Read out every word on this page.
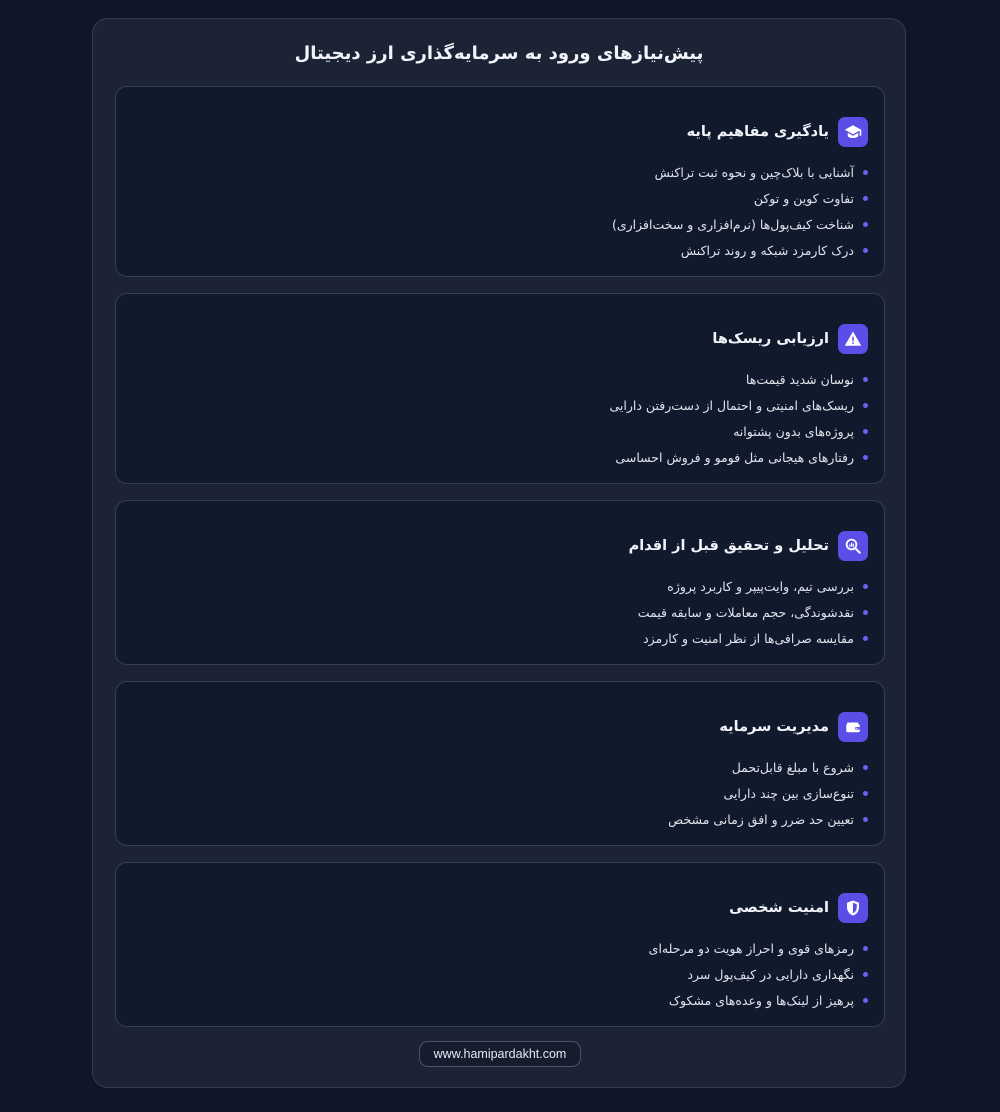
پیش‌نیازهای ورود به سرمایه‌گذاری ارز دیجیتال
یادگیری مفاهیم پایه
آشنایی با بلاک‌چین و نحوه ثبت تراکنش
تفاوت کوین و توکن
شناخت کیف‌پول‌ها (نرم‌افزاری و سخت‌افزاری)
درک کارمزد شبکه و روند تراکنش
ارزیابی ریسک‌ها
نوسان شدید قیمت‌ها
ریسک‌های امنیتی و احتمال از دست‌رفتن دارایی
پروژه‌های بدون پشتوانه
رفتارهای هیجانی مثل فومو و فروش احساسی
تحلیل و تحقیق قبل از اقدام
بررسی تیم، وایت‌پیپر و کاربرد پروژه
نقدشوندگی، حجم معاملات و سابقه قیمت
مقایسه صرافی‌ها از نظر امنیت و کارمزد
مدیریت سرمایه
شروع با مبلغ قابل‌تحمل
تنوع‌سازی بین چند دارایی
تعیین حد ضرر و افق زمانی مشخص
امنیت شخصی
رمزهای قوی و احراز هویت دو مرحله‌ای
نگهداری دارایی در کیف‌پول سرد
پرهیز از لینک‌ها و وعده‌های مشکوک
www.hamipardakht.com
